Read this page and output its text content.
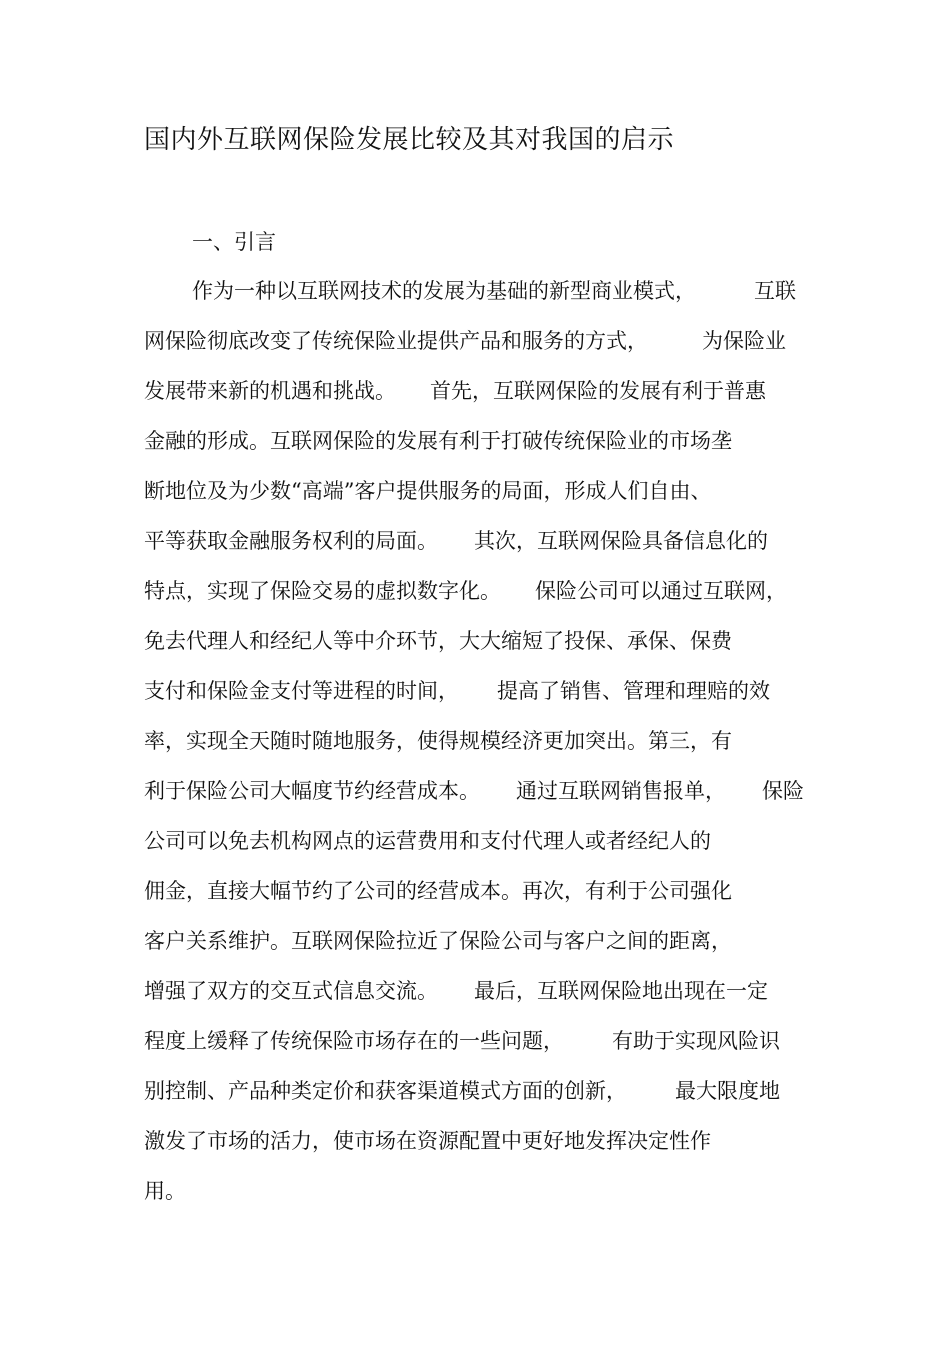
国内外互联网保险发展比较及其对我国的启示
一、引言
作为一种以互联网技术的发展为基础的新型商业模式，	互联
网保险彻底改变了传统保险业提供产品和服务的方式，	为保险业
发展带来新的机遇和挑战。 首先，互联网保险的发展有利于普惠
金融的形成。互联网保险的发展有利于打破传统保险业的市场垄
断地位及为少数“高端”客户提供服务的局面，形成人们自由、
平等获取金融服务权利的局面。 其次，互联网保险具备信息化的
特点，实现了保险交易的虚拟数字化。 保险公司可以通过互联网，
免去代理人和经纪人等中介环节，大大缩短了投保、承保、保费
支付和保险金支付等进程的时间， 提高了销售、管理和理赔的效
率，实现全天随时随地服务，使得规模经济更加突出。第三，有
利于保险公司大幅度节约经营成本。 通过互联网销售报单， 保险
公司可以免去机构网点的运营费用和支付代理人或者经纪人的
佣金，直接大幅节约了公司的经营成本。再次，有利于公司强化
客户关系维护。互联网保险拉近了保险公司与客户之间的距离，
增强了双方的交互式信息交流。 最后，互联网保险地出现在一定
程度上缓释了传统保险市场存在的一些问题， 有助于实现风险识
别控制、产品种类定价和获客渠道模式方面的创新， 最大限度地
激发了市场的活力，使市场在资源配置中更好地发挥决定性作
用。
